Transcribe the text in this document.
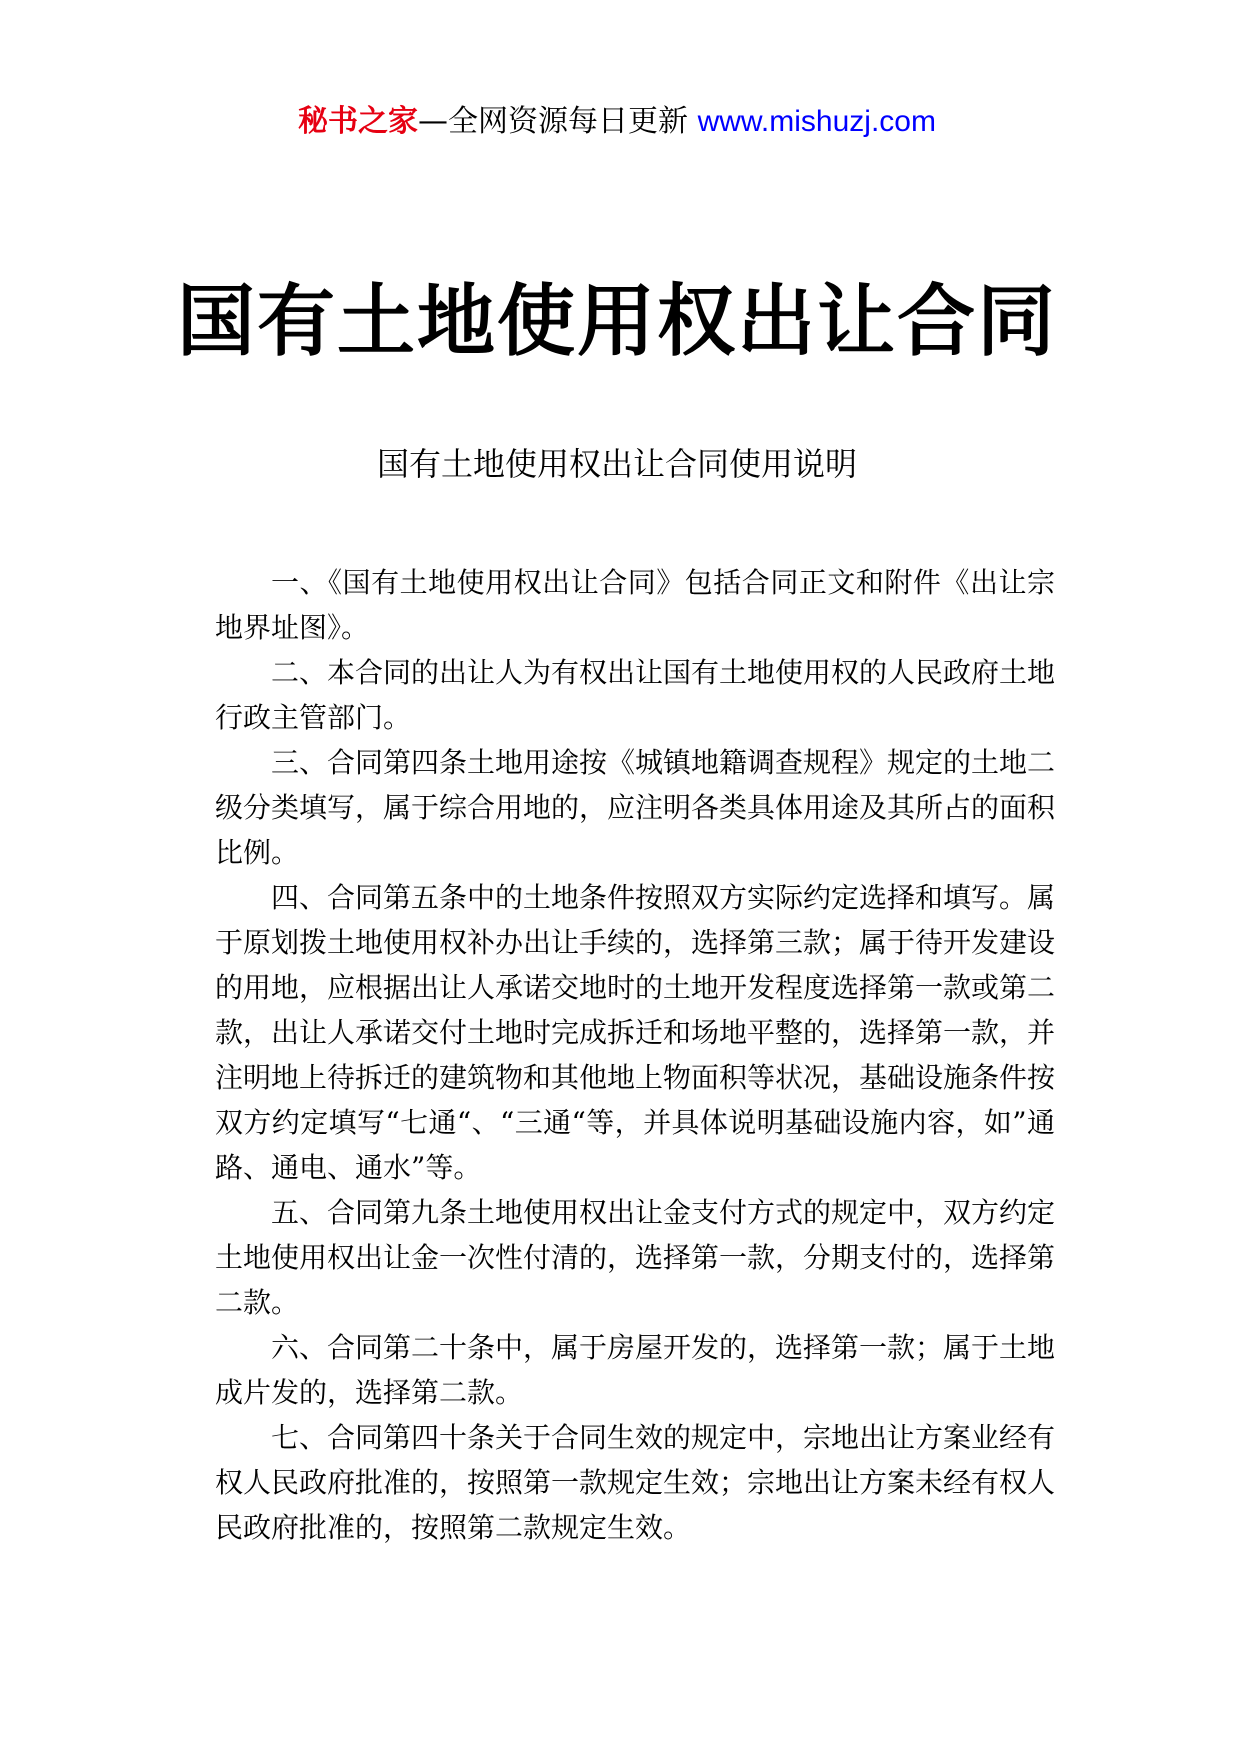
秘书之家—全网资源每日更新 www.mishuzj.com
国有土地使用权出让合同
国有土地使用权出让合同使用说明

一、《国有土地使用权出让合同》包括合同正文和附件《出让宗地界址图》。

二、本合同的出让人为有权出让国有土地使用权的人民政府土地行政主管部门。

三、合同第四条土地用途按《城镇地籍调查规程》规定的土地二级分类填写，属于综合用地的，应注明各类具体用途及其所占的面积比例。

四、合同第五条中的土地条件按照双方实际约定选择和填写。属于原划拨土地使用权补办出让手续的，选择第三款；属于待开发建设的用地，应根据出让人承诺交地时的土地开发程度选择第一款或第二款，出让人承诺交付土地时完成拆迁和场地平整的，选择第一款，并注明地上待拆迁的建筑物和其他地上物面积等状况，基础设施条件按双方约定填写“七通“、“三通“等，并具体说明基础设施内容，如”通路、通电、通水”等。

五、合同第九条土地使用权出让金支付方式的规定中，双方约定土地使用权出让金一次性付清的，选择第一款，分期支付的，选择第二款。

六、合同第二十条中，属于房屋开发的，选择第一款；属于土地成片发的，选择第二款。

七、合同第四十条关于合同生效的规定中，宗地出让方案业经有权人民政府批准的，按照第一款规定生效；宗地出让方案未经有权人民政府批准的，按照第二款规定生效。
